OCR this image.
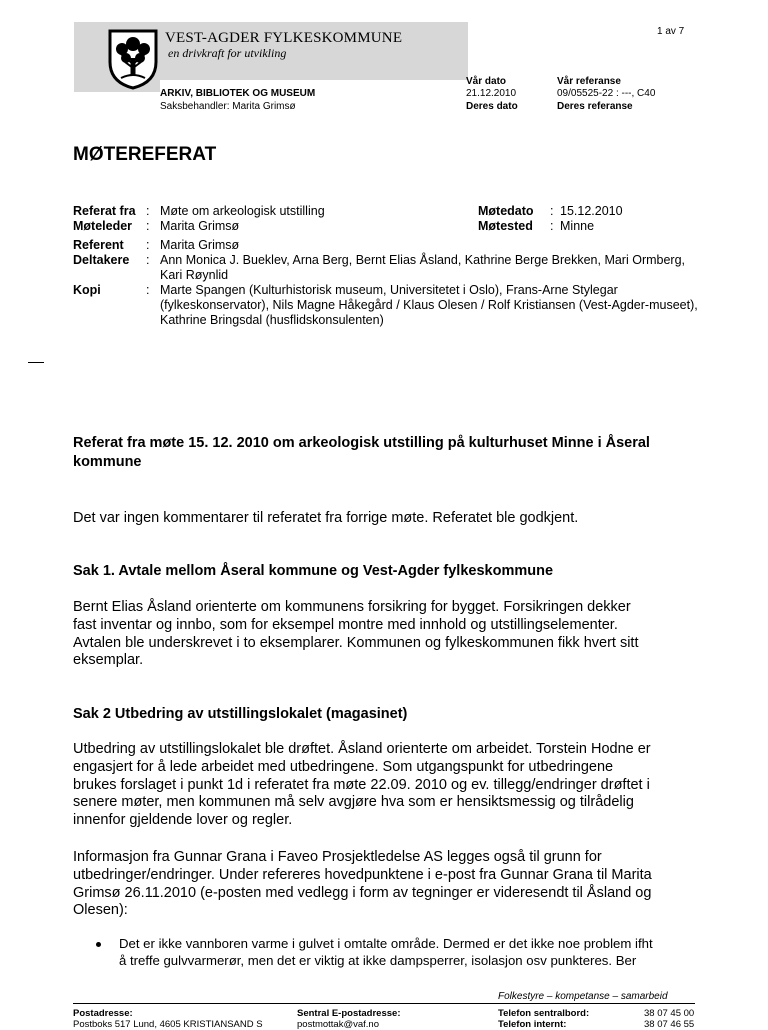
VEST-AGDER FYLKESKOMMUNE
en drivkraft for utvikling
ARKIV, BIBLIOTEK OG MUSEUM
Saksbehandler: Marita Grimsø
1 av 7
Vår dato
21.12.2010
Deres dato
Vår referanse
09/05525-22 : ---, C40
Deres referanse
MØTEREFERAT
Referat fra : Møte om arkeologisk utstilling
Møteleder : Marita Grimsø
Møtedato : 15.12.2010
Møtested : Minne
Referent : Marita Grimsø
Deltakere : Ann Monica J. Bueklev, Arna Berg, Bernt Elias Åsland, Kathrine Berge Brekken, Mari Ormberg,
Kari Røynlid
Kopi	: Marte Spangen (Kulturhistorisk museum, Universitetet i Oslo), Frans-Arne Stylegar
(fylkeskonservator), Nils Magne Håkegård / Klaus Olesen / Rolf Kristiansen (Vest-Agder-museet),
Kathrine Bringsdal (husflidskonsulenten)
Referat fra møte 15. 12. 2010 om arkeologisk utstilling på kulturhuset Minne i Åseral
kommune
Det var ingen kommentarer til referatet fra forrige møte. Referatet ble godkjent.
Sak 1. Avtale mellom Åseral kommune og Vest-Agder fylkeskommune
Bernt Elias Åsland orienterte om kommunens forsikring for bygget. Forsikringen dekker
fast inventar og innbo, som for eksempel montre med innhold og utstillingselementer.
Avtalen ble underskrevet i to eksemplarer. Kommunen og fylkeskommunen fikk hvert sitt
eksemplar.
Sak 2 Utbedring av utstillingslokalet (magasinet)
Utbedring av utstillingslokalet ble drøftet. Åsland orienterte om arbeidet. Torstein Hodne er
engasjert for å lede arbeidet med utbedringene. Som utgangspunkt for utbedringene
brukes forslaget i punkt 1d i referatet fra møte 22.09. 2010 og ev. tillegg/endringer drøftet i
senere møter, men kommunen må selv avgjøre hva som er hensiktsmessig og tilrådelig
innenfor gjeldende lover og regler.
Informasjon fra Gunnar Grana i Faveo Prosjektledelse AS legges også til grunn for
utbedringer/endringer. Under refereres hovedpunktene i e-post fra Gunnar Grana til Marita
Grimsø 26.11.2010 (e-posten med vedlegg i form av tegninger er videresendt til Åsland og
Olesen):
Det er ikke vannboren varme i gulvet i omtalte område. Dermed er det ikke noe problem ifht
å treffe gulvvarmerør, men det er viktig at ikke dampsperrer, isolasjon osv punkteres. Ber
Folkestyre – kompetanse – samarbeid
Postadresse:
Postboks 517 Lund, 4605 KRISTIANSAND S
Sentral E-postadresse:
postmottak@vaf.no
Telefon sentralbord:	38 07 45 00
Telefon internt:	38 07 46 55
